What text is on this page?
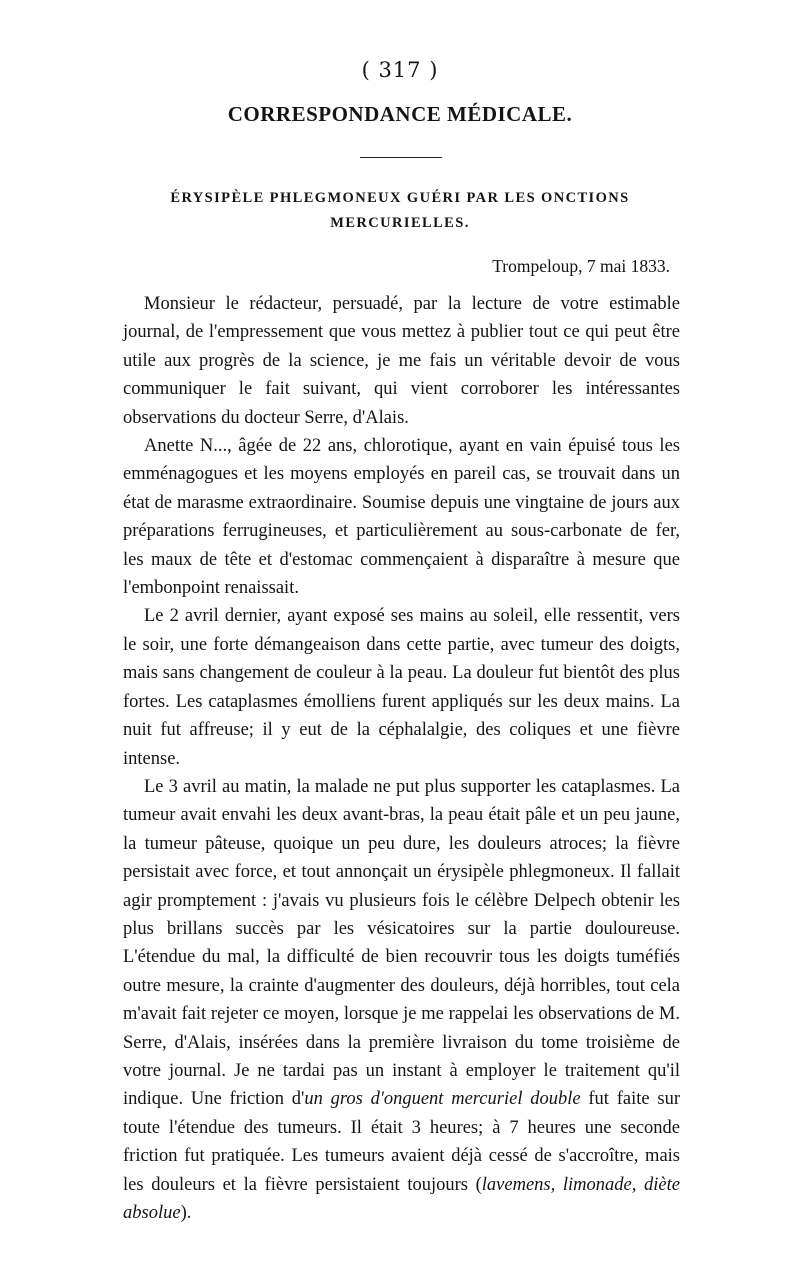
( 317 )
CORRESPONDANCE MÉDICALE.
ÉRYSIPÈLE PHLEGMONEUX GUÉRI PAR LES ONCTIONS
MERCURIELLES.
Trompeloup, 7 mai 1833.

Monsieur le rédacteur, persuadé, par la lecture de votre estimable journal, de l'empressement que vous mettez à publier tout ce qui peut être utile aux progrès de la science, je me fais un véritable devoir de vous communiquer le fait suivant, qui vient corroborer les intéressantes observations du docteur Serre, d'Alais.

Anette N..., âgée de 22 ans, chlorotique, ayant en vain épuisé tous les emménagogues et les moyens employés en pareil cas, se trouvait dans un état de marasme extraordinaire. Soumise depuis une vingtaine de jours aux préparations ferrugineuses, et particulièrement au sous-carbonate de fer, les maux de tête et d'estomac commençaient à disparaître à mesure que l'embonpoint renaissait.

Le 2 avril dernier, ayant exposé ses mains au soleil, elle ressentit, vers le soir, une forte démangeaison dans cette partie, avec tumeur des doigts, mais sans changement de couleur à la peau. La douleur fut bientôt des plus fortes. Les cataplasmes émolliens furent appliqués sur les deux mains. La nuit fut affreuse; il y eut de la céphalalgie, des coliques et une fièvre intense.

Le 3 avril au matin, la malade ne put plus supporter les cataplasmes. La tumeur avait envahi les deux avant-bras, la peau était pâle et un peu jaune, la tumeur pâteuse, quoique un peu dure, les douleurs atroces; la fièvre persistait avec force, et tout annonçait un érysipèle phlegmoneux. Il fallait agir promptement : j'avais vu plusieurs fois le célèbre Delpech obtenir les plus brillans succès par les vésicatoires sur la partie douloureuse. L'étendue du mal, la difficulté de bien recouvrir tous les doigts tuméfiés outre mesure, la crainte d'augmenter des douleurs, déjà horribles, tout cela m'avait fait rejeter ce moyen, lorsque je me rappelai les observations de M. Serre, d'Alais, insérées dans la première livraison du tome troisième de votre journal. Je ne tardai pas un instant à employer le traitement qu'il indique. Une friction d'un gros d'onguent mercuriel double fut faite sur toute l'étendue des tumeurs. Il était 3 heures; à 7 heures une seconde friction fut pratiquée. Les tumeurs avaient déjà cessé de s'accroître, mais les douleurs et la fièvre persistaient toujours (lavemens, limonade, diète absolue).
